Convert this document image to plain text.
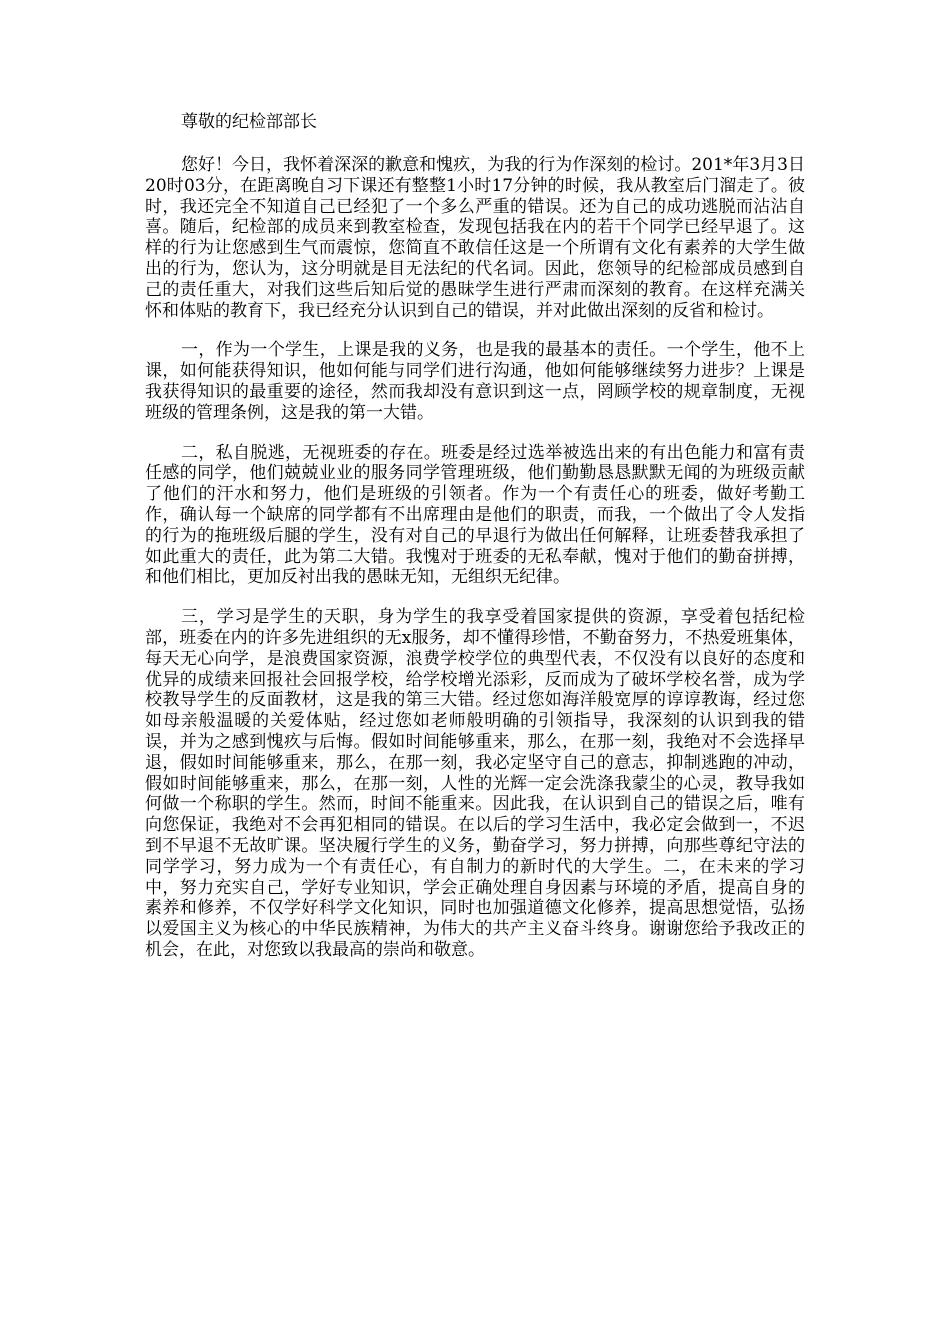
尊敬的纪检部部长

您好！今日，我怀着深深的歉意和愧疚，为我的行为作深刻的检讨。201*年3月3日20时03分，在距离晚自习下课还有整整1小时17分钟的时候，我从教室后门溜走了。彼时，我还完全不知道自己已经犯了一个多么严重的错误。还为自己的成功逃脱而沾沾自喜。随后，纪检部的成员来到教室检查，发现包括我在内的若干个同学已经早退了。这样的行为让您感到生气而震惊，您简直不敢信任这是一个所谓有文化有素养的大学生做出的行为，您认为，这分明就是目无法纪的代名词。因此，您领导的纪检部成员感到自己的责任重大，对我们这些后知后觉的愚昧学生进行严肃而深刻的教育。在这样充满关怀和体贴的教育下，我已经充分认识到自己的错误，并对此做出深刻的反省和检讨。

一，作为一个学生，上课是我的义务，也是我的最基本的责任。一个学生，他不上课，如何能获得知识，他如何能与同学们进行沟通，他如何能够继续努力进步？上课是我获得知识的最重要的途径，然而我却没有意识到这一点，罔顾学校的规章制度，无视班级的管理条例，这是我的第一大错。

二，私自脱逃，无视班委的存在。班委是经过选举被选出来的有出色能力和富有责任感的同学，他们兢兢业业的服务同学管理班级，他们勤勤恳恳默默无闻的为班级贡献了他们的汗水和努力，他们是班级的引领者。作为一个有责任心的班委，做好考勤工作，确认每一个缺席的同学都有不出席理由是他们的职责，而我，一个做出了令人发指的行为的拖班级后腿的学生，没有对自己的早退行为做出任何解释，让班委替我承担了如此重大的责任，此为第二大错。我愧对于班委的无私奉献，愧对于他们的勤奋拼搏，和他们相比，更加反衬出我的愚昧无知，无组织无纪律。

三，学习是学生的天职，身为学生的我享受着国家提供的资源，享受着包括纪检部，班委在内的许多先进组织的无x服务，却不懂得珍惜，不勤奋努力，不热爱班集体，每天无心向学，是浪费国家资源，浪费学校学位的典型代表，不仅没有以良好的态度和优异的成绩来回报社会回报学校，给学校增光添彩，反而成为了破坏学校名誉，成为学校教导学生的反面教材，这是我的第三大错。经过您如海洋般宽厚的谆谆教诲，经过您如母亲般温暖的关爱体贴，经过您如老师般明确的引领指导，我深刻的认识到我的错误，并为之感到愧疚与后悔。假如时间能够重来，那么，在那一刻，我绝对不会选择早退，假如时间能够重来，那么，在那一刻，我必定坚守自己的意志，抑制逃跑的冲动，假如时间能够重来，那么，在那一刻，人性的光辉一定会洗涤我蒙尘的心灵，教导我如何做一个称职的学生。然而，时间不能重来。因此我，在认识到自己的错误之后，唯有向您保证，我绝对不会再犯相同的错误。在以后的学习生活中，我必定会做到一，不迟到不早退不无故旷课。坚决履行学生的义务，勤奋学习，努力拼搏，向那些尊纪守法的同学学习，努力成为一个有责任心，有自制力的新时代的大学生。二，在未来的学习中，努力充实自己，学好专业知识，学会正确处理自身因素与环境的矛盾，提高自身的素养和修养，不仅学好科学文化知识，同时也加强道德文化修养，提高思想觉悟，弘扬以爱国主义为核心的中华民族精神，为伟大的共产主义奋斗终身。谢谢您给予我改正的机会，在此，对您致以我最高的崇尚和敬意。
